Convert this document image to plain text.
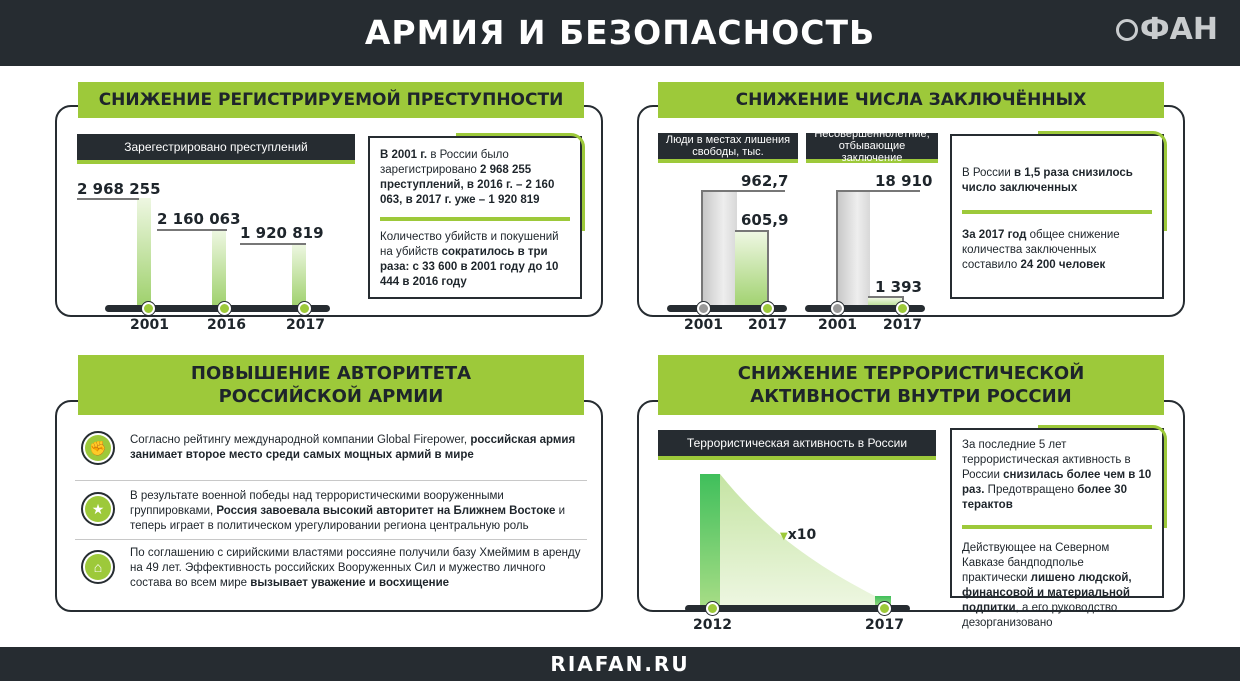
АРМИЯ И БЕЗОПАСНОСТЬ	ФАН
СНИЖЕНИЕ РЕГИСТРИРУЕМОЙ ПРЕСТУПНОСТИ
Зарегестрировано преступлений
2 968 255
2 160 063
1 920 819
2001	2016	2017
В 2001 г. в России было зарегистрировано 2 968 255 преступлений, в 2016 г. – 2 160 063, в 2017 г. уже – 1 920 819
Количество убийств и покушений на убийств сократилось в три раза: с 33 600 в 2001 году до 10 444 в 2016 году
СНИЖЕНИЕ ЧИСЛА ЗАКЛЮЧЁННЫХ
Люди в местах лишения свободы, тыс.
Несовершеннолетние, отбывающие заключение
962,7
605,9
18 910
1 393
2001 2017 2001 2017
В России в 1,5 раза снизилось число заключенных
За 2017 год общее снижение количества заключенных составило 24 200 человек
ПОВЫШЕНИЕ АВТОРИТЕТА РОССИЙСКОЙ АРМИИ
✊	Согласно рейтингу международной компании Global Firepower, российская армия занимает второе место среди самых мощных армий в мире
★
В результате военной победы над террористическими вооруженными группировками, Россия завоевала высокий авторитет на Ближнем Востоке и теперь играет в политическом урегулировании региона центральную роль
⌂
По соглашению с сирийскими властями россияне получили базу Хмеймим в аренду на 49 лет. Эффективность российских Вооруженных Сил и мужество личного состава во всем мире вызывает уважение и восхищение
СНИЖЕНИЕ ТЕРРОРИСТИЧЕСКОЙ АКТИВНОСТИ ВНУТРИ РОССИИ
Террористическая активность в России
▼x10
2012	2017
За последние 5 лет террористическая активность в России снизилась более чем в 10 раз. Предотвращено более 30 терактов
Действующее на Северном Кавказе бандподполье практически лишено людской, финансовой и материальной подпитки, а его руководство дезорганизовано
RIAFAN.RU
